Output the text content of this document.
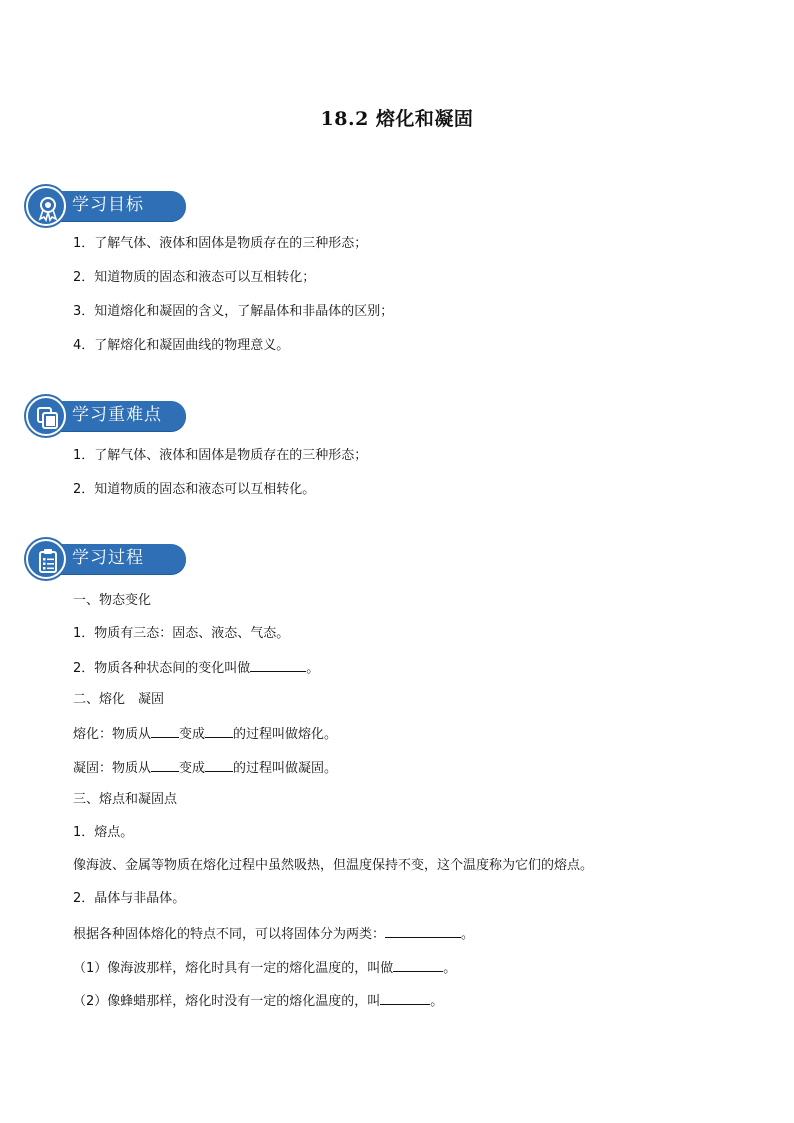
18.2 熔化和凝固
学习目标
1．了解气体、液体和固体是物质存在的三种形态；
2．知道物质的固态和液态可以互相转化；
3．知道熔化和凝固的含义，了解晶体和非晶体的区别；
4．了解熔化和凝固曲线的物理意义。
学习重难点
1．了解气体、液体和固体是物质存在的三种形态；
2．知道物质的固态和液态可以互相转化。
学习过程
一、物态变化
1．物质有三态：固态、液态、气态。
2．物质各种状态间的变化叫做	。
二、熔化　凝固
熔化：物质从 变成 的过程叫做熔化。
凝固：物质从 变成 的过程叫做凝固。
三、熔点和凝固点
1．熔点。
像海波、金属等物质在熔化过程中虽然吸热，但温度保持不变，这个温度称为它们的熔点。
2．晶体与非晶体。
根据各种固体熔化的特点不同，可以将固体分为两类：	。
（1）像海波那样，熔化时具有一定的熔化温度的，叫做	。
（2）像蜂蜡那样，熔化时没有一定的熔化温度的，叫	。
